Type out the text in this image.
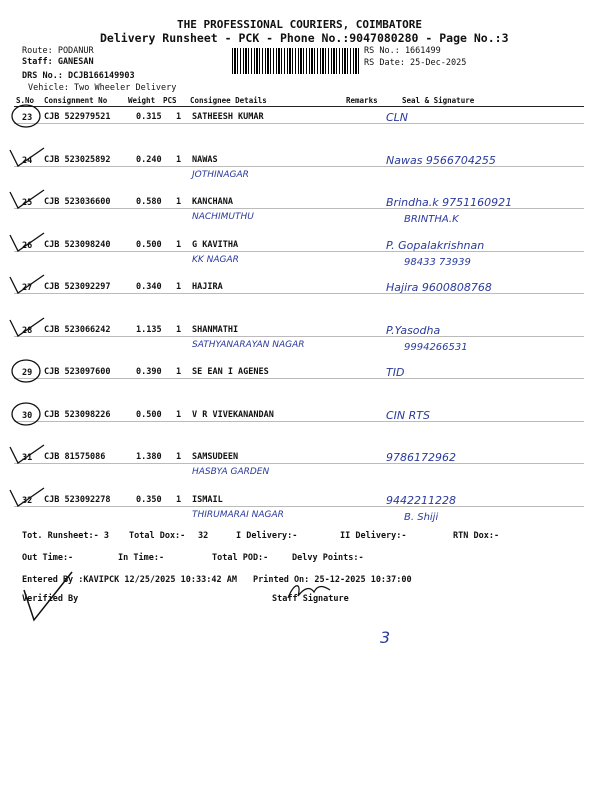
THE PROFESSIONAL COURIERS, COIMBATORE
Delivery Runsheet - PCK - Phone No.:9047080280 - Page No.:3
Route: PODANUR
Staff: GANESAN
DRS No.: DCJB166149903
Vehicle: Two Wheeler Delivery
RS No.: 1661499
RS Date: 25-Dec-2025
S.No Consignment No	Weight PCS Consignee Details	Remarks	Seal & Signature
23 CJB 522979521	0.315 1 SATHEESH KUMAR	CLN
24 CJB 523025892	0.240 1 NAWAS
JOTHINAGAR
Nawas 9566704255
25 CJB 523036600	0.580 1 KANCHANA
NACHIMUTHU
Brindha.k 9751160921
BRINTHA.K
26 CJB 523098240	0.500 1 G KAVITHA
KK NAGAR
P. Gopalakrishnan
98433 73939
27 CJB 523092297	0.340 1 HAJIRA	Hajira 9600808768
28 CJB 523066242	1.135 1 SHANMATHI
SATHYANARAYAN NAGAR
P.Yasodha
9994266531
29 CJB 523097600	0.390 1 SE EAN I AGENES	TID
30 CJB 523098226	0.500 1 V R VIVEKANANDAN	CIN RTS
31 CJB 81575086	1.380 1 SAMSUDEEN
HASBYA GARDEN
9786172962
32 CJB 523092278	0.350 1 ISMAIL
THIRUMARAI NAGAR
9442211228
B. Shiji
Tot. Runsheet:- 3 Total Dox:- 32	I Delivery:-	II Delivery:-	RTN Dox:-
Out Time:-	In Time:-	Total POD:-	Delvy Points:-
Entered By :KAVIPCK 12/25/2025 10:33:42 AM Printed On: 25-12-2025 10:37:00
Verified By	Staff Signature
3
